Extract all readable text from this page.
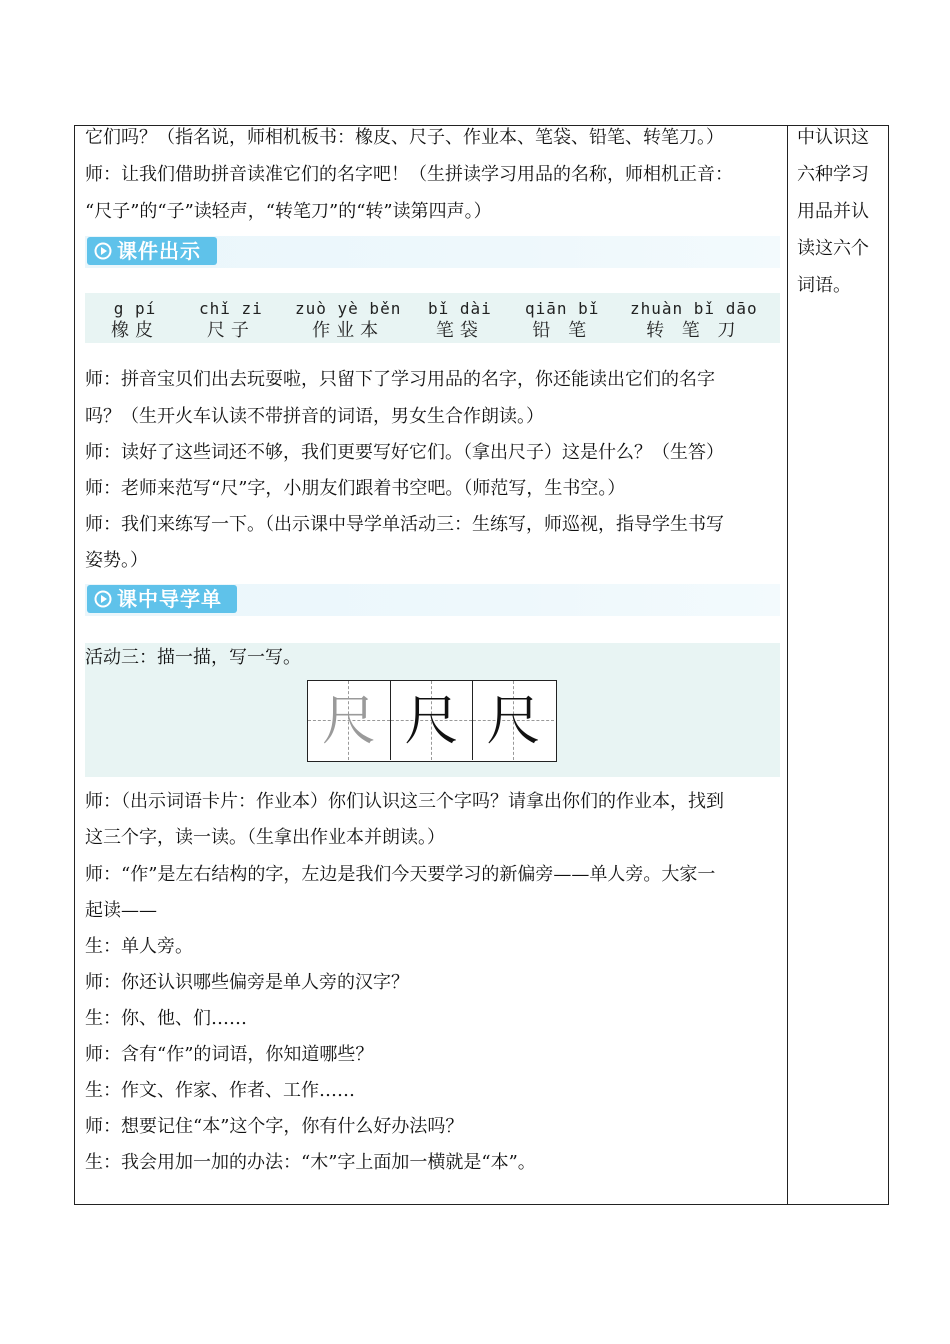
它们吗？（指名说，师相机板书：橡皮、尺子、作业本、笔袋、铅笔、转笔刀。）
师：让我们借助拼音读准它们的名字吧！（生拼读学习用品的名称，师相机正音：
“尺子”的“子”读轻声，“转笔刀”的“转”读第四声。）
课件出示
g pí
橡皮
chǐ zi
尺子
zuò yè běn
作业本
bǐ dài
笔袋
qiān bǐ
铅 笔
zhuàn bǐ dāo
转 笔 刀
师：拼音宝贝们出去玩耍啦，只留下了学习用品的名字，你还能读出它们的名字
吗？（生开火车认读不带拼音的词语，男女生合作朗读。）
师：读好了这些词还不够，我们更要写好它们。（拿出尺子）这是什么？（生答）
师：老师来范写“尺”字，小朋友们跟着书空吧。（师范写，生书空。）
师：我们来练写一下。（出示课中导学单活动三：生练写，师巡视，指导学生书写
姿势。）
课中导学单
活动三：描一描，写一写。
尺 尺 尺
师：（出示词语卡片：作业本）你们认识这三个字吗？请拿出你们的作业本，找到
这三个字，读一读。（生拿出作业本并朗读。）
师：“作”是左右结构的字，左边是我们今天要学习的新偏旁——单人旁。大家一
起读——
生：单人旁。
师：你还认识哪些偏旁是单人旁的汉字？
生：你、他、们……
师：含有“作”的词语，你知道哪些？
生：作文、作家、作者、工作……
师：想要记住“本”这个字，你有什么好办法吗？
生：我会用加一加的办法：“木”字上面加一横就是“本”。
中认识这
六种学习
用品并认
读这六个
词语。
